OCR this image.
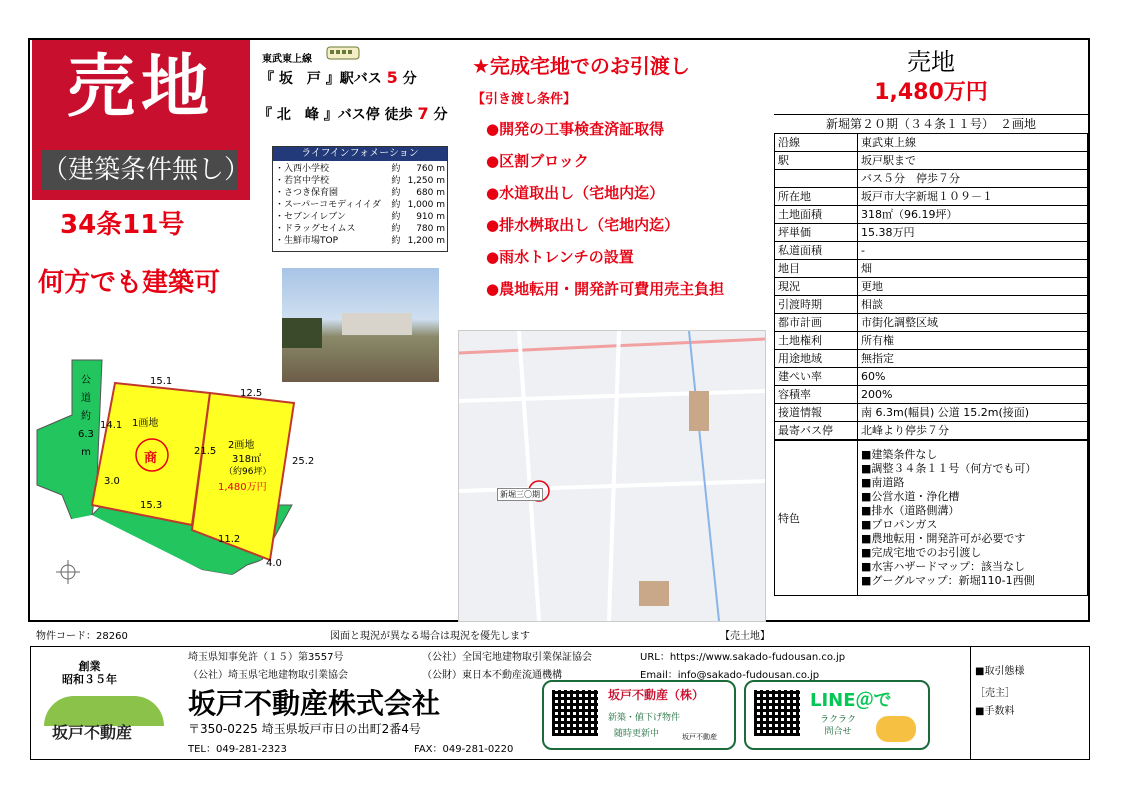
売地
（建築条件無し）
34条11号
何方でも建築可
東武東上線
『 坂　戸 』駅バス 5 分
『 北　峰 』バス停 徒歩 7 分
ライフインフォメーション
・入西小学校	約	760 m
・若宮中学校	約	1,250 m
・さつき保育園	約	680 m
・スーパーコモディイイダ	約	1,000 m
・セブンイレブン	約	910 m
・ドラッグセイムス	約	780 m
・生鮮市場TOP	約	1,200 m
★完成宅地でのお引渡し
【引き渡し条件】
●開発の工事検査済証取得
●区割ブロック
●水道取出し（宅地内迄）
●排水桝取出し（宅地内迄）
●雨水トレンチの設置
●農地転用・開発許可費用売主負担
公
道
約
6.3
m
1画地
商
2画地
318㎡
（約96坪）
1,480万円
15.1
12.5
14.1
21.5
25.2
3.0
15.3
11.2
4.0
新堀三〇期
売地
1,480万円
新堀第２０期（３４条１１号）　２画地
沿線	東武東上線
駅	坂戸駅まで
	バス５分　停歩７分
所在地	坂戸市大字新堀１０９－１
土地面積	318㎡（96.19坪）
坪単価	15.38万円
私道面積	-
地目	畑
現況	更地
引渡時期	相談
都市計画	市街化調整区域
土地権利	所有権
用途地域	無指定
建ぺい率	60%
容積率	200%
接道情報	南 6.3m(幅員) 公道 15.2m(接面)
最寄バス停	北峰より停歩７分
特色	
■建築条件なし
■調整３４条１１号（何方でも可）
■南道路
■公営水道・浄化槽
■排水（道路側溝）
■プロパンガス
■農地転用・開発許可が必要です
■完成宅地でのお引渡し
■水害ハザードマップ：該当なし
■グーグルマップ：新堀110-1西側
物件コード：28260	図面と現況が異なる場合は現況を優先します	【売土地】
創業
昭和３５年
坂戸不動産
埼玉県知事免許（１５）第3557号	（公社）全国宅地建物取引業保証協会
（公社）埼玉県宅地建物取引業協会	（公財）東日本不動産流通機構
URL：https://www.sakado-fudousan.co.jp
Email：info@sakado-fudousan.co.jp
坂戸不動産株式会社
〒350-0225 埼玉県坂戸市日の出町2番4号
TEL：049-281-2323	FAX：049-281-0220
坂戸不動産（株）
新築・値下げ物件
随時更新中	坂戸不動産
LINE＠で
ラクラク
問合せ
■取引態様
［売主］
■手数料
